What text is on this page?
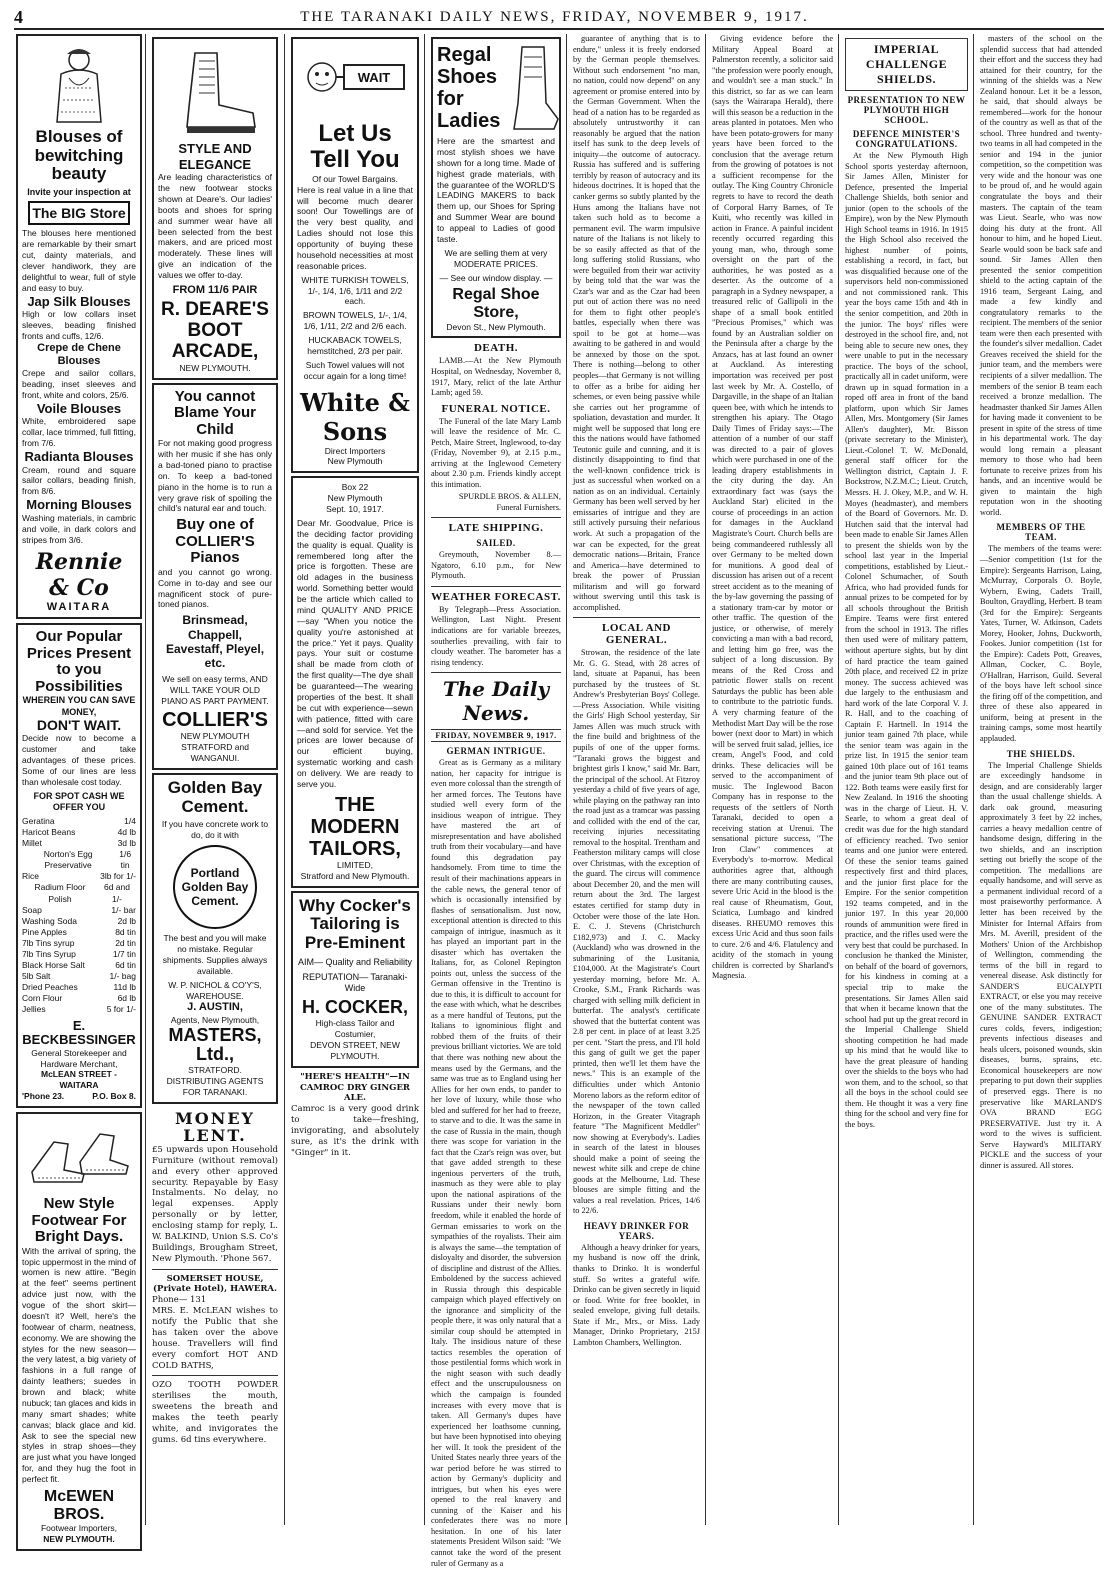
4	THE TARANAKI DAILY NEWS, FRIDAY, NOVEMBER 9, 1917.
Blouses of bewitching beauty
Invite your inspection at
The BIG Store
The blouses here mentioned are remarkable by their smart cut, dainty materials, and clever handiwork, they are delightful to wear, full of style and easy to buy.
Jap Silk Blouses
High or low collars inset sleeves, beading finished fronts and cuffs, 12/6.
Crepe de Chene Blouses
Crepe and sailor collars, beading, inset sleeves and front, white and colors, 25/6.
Voile Blouses
White, embroidered sape collar, lace trimmed, full fitting, from 7/6.
Radianta Blouses
Cream, round and square sailor collars, beading finish, from 8/6.
Morning Blouses
Washing materials, in cambric and voile, in dark colors and stripes from 3/6.
Rennie & Co
WAITARA
Our Popular Prices Present to you Possibilities
WHEREIN YOU CAN SAVE MONEY,
DON'T WAIT.
Decide now to become a customer and take advantages of these prices. Some of our lines are less than wholesale cost today.
FOR SPOT CASH WE OFFER YOU
Geratina	1/4
Haricot Beans	4d lb
Millet	3d lb
Norton's Egg Preservative
1/6 tin
Rice	3lb for 1/-
Radium Floor Polish
6d and 1/-
Soap	1/- bar
Washing Soda	2d lb
Pine Apples	8d tin
7lb Tins syrup	2d tin
7lb Tins Syrup	1/7 tin
Black Horse Salt	6d tin
5lb Salt	1/- bag
Dried Peaches	11d lb
Corn Flour	6d lb
Jellies	5 for 1/-
E. BECKBESSINGER
General Storekeeper and Hardware Merchant,
McLEAN STREET - WAITARA
'Phone 23.	P.O. Box 8.
New Style Footwear For Bright Days.
With the arrival of spring, the topic uppermost in the mind of women is new attire. "Begin at the feet" seems pertinent advice just now, with the vogue of the short skirt—doesn't it? Well, here's the footwear of charm, neatness, economy. We are showing the styles for the new season—the very latest, a big variety of fashions in a full range of dainty leathers; suedes in brown and black; white nubuck; tan glaces and kids in many smart shades; white canvas; black glace and kid. Ask to see the special new styles in strap shoes—they are just what you have longed for, and they hug the foot in perfect fit.
McEWEN BROS.
Footwear Importers,
NEW PLYMOUTH.
STYLE AND ELEGANCE
Are leading characteristics of the new footwear stocks shown at Deare's. Our ladies' boots and shoes for spring and summer wear have all been selected from the best makers, and are priced most moderately. These lines will give an indication of the values we offer to-day.
FROM 11/6 PAIR
R. DEARE'S BOOT ARCADE,
NEW PLYMOUTH.
You cannot Blame Your Child
For not making good progress with her music if she has only a bad-toned piano to practise on. To keep a bad-toned piano in the home is to run a very grave risk of spoiling the child's natural ear and touch.
Buy one of COLLIER'S Pianos
and you cannot go wrong. Come in to-day and see our magnificent stock of pure-toned pianos.
Brinsmead, Chappell, Eavestaff, Pleyel, etc.
We sell on easy terms, AND WILL TAKE YOUR OLD PIANO AS PART PAYMENT.
COLLIER'S
NEW PLYMOUTH STRATFORD and WANGANUI.
Golden Bay Cement.
If you have concrete work to do, do it with
Portland Golden Bay Cement.
The best and you will make no mistake. Regular shipments. Supplies always available.
W. P. NICHOL & CO'Y'S, WAREHOUSE.
J. AUSTIN,
Agents, New Plymouth,
MASTERS, Ltd.,
STRATFORD.
DISTRIBUTING AGENTS FOR TARANAKI.
MONEY LENT.
£5 upwards upon Household Furniture (without removal) and every other approved security. Repayable by Easy Instalments. No delay, no legal expenses. Apply personally or by letter, enclosing stamp for reply, L. W. BALKIND, Union S.S. Co's Buildings, Brougham Street, New Plymouth. 'Phone 567.
SOMERSET HOUSE, (Private Hotel), HAWERA.
Phone— 131
MRS. E. McLEAN wishes to notify the Public that she has taken over the above house. Travellers will find every comfort HOT AND COLD BATHS,
OZO TOOTH POWDER sterilises the mouth, sweetens the breath and makes the teeth pearly white, and invigorates the gums. 6d tins everywhere.
WAIT
Let Us Tell You
Of our Towel Bargains.
Here is real value in a line that will become much dearer soon! Our Towellings are of the very best quality, and Ladies should not lose this opportunity of buying these household necessities at most reasonable prices.
WHITE TURKISH TOWELS, 1/-, 1/4, 1/6, 1/11 and 2/2 each.
BROWN TOWELS, 1/-, 1/4, 1/6, 1/11, 2/2 and 2/6 each.
HUCKABACK TOWELS, hemstitched, 2/3 per pair.
Such Towel values will not occur again for a long time!
White & Sons
Direct Importers
New Plymouth
Box 22
New Plymouth
Sept. 10, 1917.
Dear Mr. Goodvalue, Price is the deciding factor providing the quality is equal. Quality is remembered long after the price is forgotten. These are old adages in the business world. Something better would be the article which called to mind QUALITY AND PRICE —say "When you notice the quality you're astonished at the price." Yet it pays. Quality pays. Your suit or costume shall be made from cloth of the first quality—The dye shall be guaranteed—The wearing properties of the best. It shall be cut with experience—sewn with patience, fitted with care—and sold for service. Yet the prices are lower because of our efficient buying, systematic working and cash on delivery. We are ready to serve you.
THE MODERN TAILORS,
LIMITED,
Stratford and New Plymouth.
Why Cocker's Tailoring is Pre-Eminent
AIM— Quality and Reliability
REPUTATION— Taranaki-Wide
H. COCKER,
High-class Tailor and Costumier,
DEVON STREET, NEW PLYMOUTH.
"HERE'S HEALTH"—IN CAMROC DRY GINGER ALE.
Camroc is a very good drink to take—freshing, invigorating, and absolutely sure, as it's the drink with "Ginger" in it.
Regal Shoes for Ladies
Here are the smartest and most stylish shoes we have shown for a long time. Made of highest grade materials, with the guarantee of the WORLD'S LEADING MAKERS to back them up, our Shoes for Spring and Summer Wear are bound to appeal to Ladies of good taste.
We are selling them at very MODERATE PRICES.
— See our window display. —
Regal Shoe Store,
Devon St., New Plymouth.
DEATH.
LAMB.—At the New Plymouth Hospital, on Wednesday, November 8, 1917, Mary, relict of the late Arthur Lamb; aged 59.
FUNERAL NOTICE.
The Funeral of the late Mary Lamb will leave the residence of Mr. C. Petch, Maire Street, Inglewood, to-day (Friday, November 9), at 2.15 p.m., arriving at the Inglewood Cemetery about 2.30 p.m. Friends kindly accept this intimation.
SPURDLE BROS. & ALLEN, Funeral Furnishers.
LATE SHIPPING.
SAILED.
Greymouth, November 8.—Ngatoro, 6.10 p.m., for New Plymouth.
WEATHER FORECAST.
By Telegraph—Press Association. Wellington, Last Night. Present indications are for variable breezes, southerlies prevailing, with fair to cloudy weather. The barometer has a rising tendency.
The Daily News.
FRIDAY, NOVEMBER 9, 1917.
GERMAN INTRIGUE.
Great as is Germany as a military nation, her capacity for intrigue is even more colossal than the strength of her armed forces. The Teutons have studied well every form of the insidious weapon of intrigue. They have mastered the art of misrepresentation and have abolished truth from their vocabulary—and have found this degradation pay handsomely. From time to time the result of their machinations appears in the cable news, the general tenor of which is occasionally intensified by flashes of sensationalism. Just now, exceptional attention is directed to this campaign of intrigue, inasmuch as it has played an important part in the disaster which has overtaken the Italians, for, as Colonel Repington points out, unless the success of the German offensive in the Trentino is due to this, it is difficult to account for the ease with which, what he describes as a mere handful of Teutons, put the Italians to ignominious flight and robbed them of the fruits of their previous brilliant victories. We are told that there was nothing new about the means used by the Germans, and the same was true as to England using her Allies for her own ends, to pander to her love of luxury, while those who bled and suffered for her had to freeze, to starve and to die. It was the same in the case of Russia in the main, though there was scope for variation in the fact that the Czar's reign was over, but that gave added strength to these ingenious perverters of the truth, inasmuch as they were able to play upon the national aspirations of the Russians under their newly born freedom, while it enabled the horde of German emissaries to work on the sympathies of the royalists. Their aim is always the same—the temptation of disloyalty and disorder, the subversion of discipline and distrust of the Allies. Emboldened by the success achieved in Russia through this despicable campaign which played effectively on the ignorance and simplicity of the people there, it was only natural that a similar coup should be attempted in Italy. The insidious nature of these tactics resembles the operation of those pestilential forms which work in the night season with such deadly effect and the unscrupulousness on which the campaign is founded increases with every move that is taken. All Germany's dupes have experienced her loathsome cunning, but have been hypnotised into obeying her will. It took the president of the United States nearly three years of the war period before he was stirred to action by Germany's duplicity and intrigues, but when his eyes were opened to the real knavery and cunning of the Kaiser and his confederates there was no more hesitation. In one of his later statements President Wilson said: "We cannot take the word of the present ruler of Germany as a
guarantee of anything that is to endure," unless it is freely endorsed by the German people themselves. Without such endorsement "no man, no nation, could now depend" on any agreement or promise entered into by the German Government. When the head of a nation has to be regarded as absolutely untrustworthy it can reasonably be argued that the nation itself has sunk to the deep levels of iniquity—the outcome of autocracy. Russia has suffered and is suffering terribly by reason of autocracy and its hideous doctrines. It is hoped that the canker germs so subtly planted by the Huns among the Italians have not taken such hold as to become a permanent evil. The warm impulsive nature of the Italians is not likely to be so easily affected as that of the long suffering stolid Russians, who were beguiled from their war activity by being told that the war was the Czar's war and as the Czar had been put out of action there was no need for them to fight other people's battles, especially when there was spoil to be got at home—was awaiting to be gathered in and would be annexed by those on the spot. There is nothing—belong to other peoples—that Germany is not willing to offer as a bribe for aiding her schemes, or even being passive while she carries out her programme of spoliation, devastation and murder. It might well be supposed that long ere this the nations would have fathomed Teutonic guile and cunning, and it is distinctly disappointing to find that the well-known confidence trick is just as successful when worked on a nation as on an individual. Certainly Germany has been well served by her emissaries of intrigue and they are still actively pursuing their nefarious work. At such a propagation of the war can be expected, for the great democratic nations—Britain, France and America—have determined to break the power of Prussian militarism and will go forward without swerving until this task is accomplished.
LOCAL AND GENERAL.
Strowan, the residence of the late Mr. G. G. Stead, with 28 acres of land, situate at Papanui, has been purchased by the trustees of St. Andrew's Presbyterian Boys' College.—Press Association. While visiting the Girls' High School yesterday, Sir James Allen was much struck with the fine build and brightness of the pupils of one of the upper forms. "Taranaki grows the biggest and brightest girls I know," said Mr. Barr, the principal of the school. At Fitzroy yesterday a child of five years of age, while playing on the pathway ran into the road just as a tramcar was passing and collided with the end of the car, receiving injuries necessitating removal to the hospital. Trentham and Featherston military camps will close over Christmas, with the exception of the guard. The circus will commence about December 20, and the men will return about the 3rd. The largest estates certified for stamp duty in October were those of the late Hon. E. C. J. Stevens (Christchurch £182,973) and J. C. Macky (Auckland) who was drowned in the submarining of the Lusitania, £104,000. At the Magistrate's Court yesterday morning, before Mr. A. Crooke, S.M., Frank Richards was charged with selling milk deficient in butterfat. The analyst's certificate showed that the butterfat content was 2.8 per cent. in place of at least 3.25 per cent. "Start the press, and I'll hold this gang of guilt we get the paper printed, then we'll let them have the news." This is an example of the difficulties under which Antonio Moreno labors as the reform editor of the newspaper of the town called Horizon, in the Greater Vitagraph feature "The Magnificent Meddler" now showing at Everybody's. Ladies in search of the latest in blouses should make a point of seeing the newest white silk and crepe de chine goods at the Melbourne, Ltd. These blouses are simple fitting and the values a real revelation. Prices, 14/6 to 22/6.
HEAVY DRINKER FOR YEARS.
Although a heavy drinker for years, my husband is now off the drink, thanks to Drinko. It is wonderful stuff. So writes a grateful wife. Drinko can be given secretly in liquid or food. Write for free booklet, in sealed envelope, giving full details. State if Mr., Mrs., or Miss. Lady Manager, Drinko Proprietary, 215J Lambton Chambers, Wellington.
Giving evidence before the Military Appeal Board at Palmerston recently, a solicitor said "the profession were poorly enough, and wouldn't see a man stuck." In this district, so far as we can learn (says the Wairarapa Herald), there will this season be a reduction in the areas planted in potatoes. Men who have been potato-growers for many years have been forced to the conclusion that the average return from the growing of potatoes is not a sufficient recompense for the outlay. The King Country Chronicle regrets to have to record the death of Corporal Harry Barnes, of Te Kuiti, who recently was killed in action in France. A painful incident recently occurred regarding this young man, who, through some oversight on the part of the authorities, he was posted as a deserter. As the outcome of a paragraph in a Sydney newspaper, a treasured relic of Gallipoli in the shape of a small book entitled "Precious Promises," which was found by an Australian soldier on the Peninsula after a charge by the Anzacs, has at last found an owner at Auckland. As interesting importation was received per post last week by Mr. A. Costello, of Dargaville, in the shape of an Italian queen bee, with which he intends to strengthen his apiary. The Otago Daily Times of Friday says:—The attention of a number of our staff was directed to a pair of gloves which were purchased in one of the leading drapery establishments in the city during the day. An extraordinary fact was (says the Auckland Star) elicited in the course of proceedings in an action for damages in the Auckland Magistrate's Court. Church bells are being commandeered ruthlessly all over Germany to be melted down for munitions. A good deal of discussion has arisen out of a recent street accident as to the meaning of the by-law governing the passing of a stationary tram-car by motor or other traffic. The question of the justice, or otherwise, of merely convicting a man with a bad record, and letting him go free, was the subject of a long discussion. By means of the Red Cross and patriotic flower stalls on recent Saturdays the public has been able to contribute to the patriotic funds. A very charming feature of the Methodist Mart Day will be the rose bower (next door to Mart) in which will be served fruit salad, jellies, ice cream, Angel's Food, and cold drinks. These delicacies will be served to the accompaniment of music. The Inglewood Bacon Company has in response to the requests of the settlers of North Taranaki, decided to open a receiving station at Urenui. The sensational picture success, "The Iron Claw" commences at Everybody's to-morrow. Medical authorities agree that, although there are many contributing causes, severe Uric Acid in the blood is the real cause of Rheumatism, Gout, Sciatica, Lumbago and kindred diseases. RHEUMO removes this excess Uric Acid and thus soon fails to cure. 2/6 and 4/6. Flatulency and acidity of the stomach in young children is corrected by Sharland's Magnesia.
IMPERIAL CHALLENGE SHIELDS.
PRESENTATION TO NEW PLYMOUTH HIGH SCHOOL.
DEFENCE MINISTER'S CONGRATULATIONS.
At the New Plymouth High School sports yesterday afternoon, Sir James Allen, Minister for Defence, presented the Imperial Challenge Shields, both senior and junior (open to the schools of the Empire), won by the New Plymouth High School teams in 1916. In 1915 the High School also received the highest number of points, establishing a record, in fact, but was disqualified because one of the supervisors held non-commissioned and not commissioned rank. This year the boys came 15th and 4th in the senior competition, and 20th in the junior. The boys' rifles were destroyed in the school fire, and, not being able to secure new ones, they were unable to put in the necessary practice. The boys of the school, practically all in cadet uniform, were drawn up in squad formation in a roped off area in front of the band platform, upon which Sir James Allen, Mrs. Montgomery (Sir James Allen's daughter), Mr. Bisson (private secretary to the Minister), Lieut.-Colonel T. W. McDonald, general staff officer for the Wellington district, Captain J. F. Bockstrow, N.Z.M.C.; Lieut. Crutch, Messrs. H. J. Okey, M.P., and W. H. Moyes (headmaster), and members of the Board of Governors. Mr. D. Hutchen said that the interval had been made to enable Sir James Allen to present the shields won by the school last year in the Imperial competitions, established by Lieut.-Colonel Schumacher, of South Africa, who had provided funds for annual prizes to be competed for by all schools throughout the British Empire. Teams were first entered from the school in 1913. The rifles then used were of military pattern, without aperture sights, but by dint of hard practice the team gained 20th place, and received £2 in prize money. The success achieved was due largely to the enthusiasm and hard work of the late Corporal V. J. R. Hall, and to the coaching of Captain F. Hartnell. In 1914 the junior team gained 7th place, while the senior team was again in the prize list. In 1915 the senior team gained 10th place out of 161 teams and the junior team 9th place out of 122. Both teams were easily first for New Zealand. In 1916 the shooting was in the charge of Lieut. H. V. Searle, to whom a great deal of credit was due for the high standard of efficiency reached. Two senior teams and one junior were entered. Of these the senior teams gained respectively first and third places, and the junior first place for the Empire. For the senior competition 192 teams competed, and in the junior 197. In this year 20,000 rounds of ammunition were fired in practice, and the rifles used were the very best that could be purchased. In conclusion he thanked the Minister, on behalf of the board of governors, for his kindness in coming at a special trip to make the presentations. Sir James Allen said that when it became known that the school had put up the great record in the Imperial Challenge Shield shooting competition he had made up his mind that he would like to have the great pleasure of handing over the shields to the boys who had won them, and to the school, so that all the boys in the school could see them. He thought it was a very fine thing for the school and very fine for the boys.
masters of the school on the splendid success that had attended their effort and the success they had attained for their country, for the winning of the shields was a New Zealand honour. Let it be a lesson, he said, that should always be remembered—work for the honour of the country as well as that of the school. Three hundred and twenty-two teams in all had competed in the senior and 194 in the junior competition, so the competition was very wide and the honour was one to be proud of, and he would again congratulate the boys and their masters. The captain of the team was Lieut. Searle, who was now doing his duty at the front. All honour to him, and he hoped Lieut. Searle would soon be back safe and sound. Sir James Allen then presented the senior competition shield to the acting captain of the 1916 team, Sergeant Laing, and made a few kindly and congratulatory remarks to the recipient. The members of the senior team were then each presented with the founder's silver medallion. Cadet Greaves received the shield for the junior team, and the members were recipients of a silver medallion. The members of the senior B team each received a bronze medallion. The headmaster thanked Sir James Allen for having made it convenient to be present in spite of the stress of time in his departmental work. The day would long remain a pleasant memory to those who had been fortunate to receive prizes from his hands, and an incentive would be given to maintain the high reputation won in the shooting world.
MEMBERS OF THE TEAM.
The members of the teams were:—Senior competition (1st for the Empire): Sergeants Harrison, Laing, McMurray, Corporals O. Boyle, Wybern, Ewing, Cadets Traill, Boulton, Graydling, Herbert. B team (3rd for the Empire): Sergeants Yates, Turner, W. Atkinson, Cadets Morey, Hooker, Johns, Duckworth, Fookes. Junior competition (1st for the Empire): Cadets Pott, Greaves, Allman, Cocker, C. Boyle, O'Hallran, Harrison, Guild. Several of the boys have left school since the firing off of the competition, and three of these also appeared in uniform, being at present in the training camps, some most heartily applauded.
THE SHIELDS.
The Imperial Challenge Shields are exceedingly handsome in design, and are considerably larger than the usual challenge shields. A dark oak ground, measuring approximately 3 feet by 22 inches, carries a heavy medallion centre of handsome design, differing in the two shields, and an inscription setting out briefly the scope of the competition. The medallions are equally handsome, and will serve as a permanent individual record of a most praiseworthy performance. A letter has been received by the Minister for Internal Affairs from Mrs. M. Averill, president of the Mothers' Union of the Archbishop of Wellington, commending the terms of the bill in regard to venereal disease. Ask distinctly for SANDER'S EUCALYPTI EXTRACT, or else you may receive one of the many substitutes. The GENUINE SANDER EXTRACT cures colds, fevers, indigestion; prevents infectious diseases and heals ulcers, poisoned wounds, skin diseases, burns, sprains, etc. Economical housekeepers are now preparing to put down their supplies of preserved eggs. There is no preservative like MARLAND'S OVA BRAND EGG PRESERVATIVE. Just try it. A word to the wives is sufficient. Serve Hayward's MILITARY PICKLE and the success of your dinner is assured. All stores.
